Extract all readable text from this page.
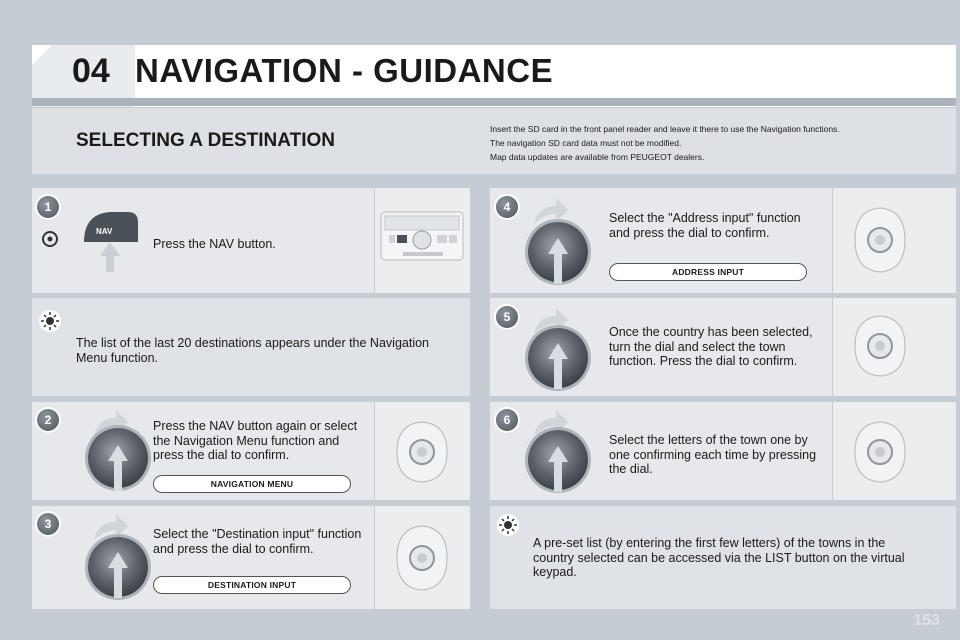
04 NAVIGATION - GUIDANCE
SELECTING A DESTINATION
Insert the SD card in the front panel reader and leave it there to use the Navigation functions.
The navigation SD card data must not be modified.
Map data updates are available from PEUGEOT dealers.
1
NAV
Press the NAV button.
The list of the last 20 destinations appears under the Navigation Menu function.
2	Press the NAV button again or select the Navigation Menu function and press the dial to confirm.
NAVIGATION MENU
3
Select the "Destination input" function and press the dial to confirm.
DESTINATION INPUT
4
Select the "Address input" function and press the dial to confirm.
ADDRESS INPUT
5
Once the country has been selected, turn the dial and select the town function. Press the dial to confirm.
6
Select the letters of the town one by one confirming each time by pressing the dial.
A pre-set list (by entering the first few letters) of the towns in the country selected can be accessed via the LIST button on the virtual keypad.
153
